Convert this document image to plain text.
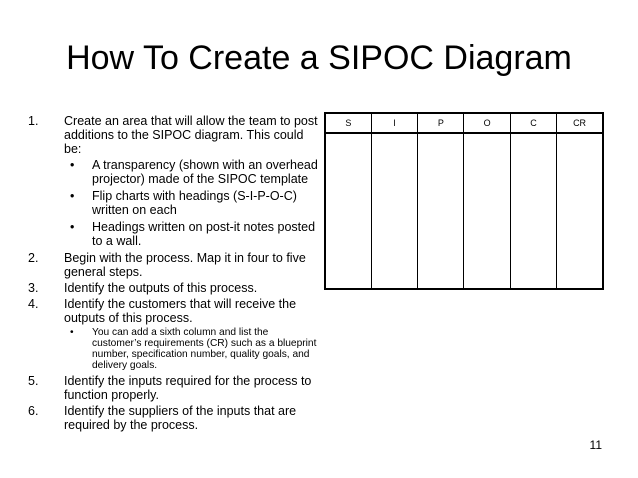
How To Create a SIPOC Diagram
1. Create an area that will allow the team to post additions to the SIPOC diagram. This could be:
• A transparency (shown with an overhead projector) made of the SIPOC template
• Flip charts with headings (S-I-P-O-C) written on each
• Headings written on post-it notes posted to a wall.
2. Begin with the process. Map it in four to five general steps.
3. Identify the outputs of this process.
4. Identify the customers that will receive the outputs of this process.
• You can add a sixth column and list the customer’s requirements (CR) such as a blueprint number, specification number, quality goals, and delivery goals.
5. Identify the inputs required for the process to function properly.
6. Identify the suppliers of the inputs that are required by the process.
S	I	P	O	C	CR

11
